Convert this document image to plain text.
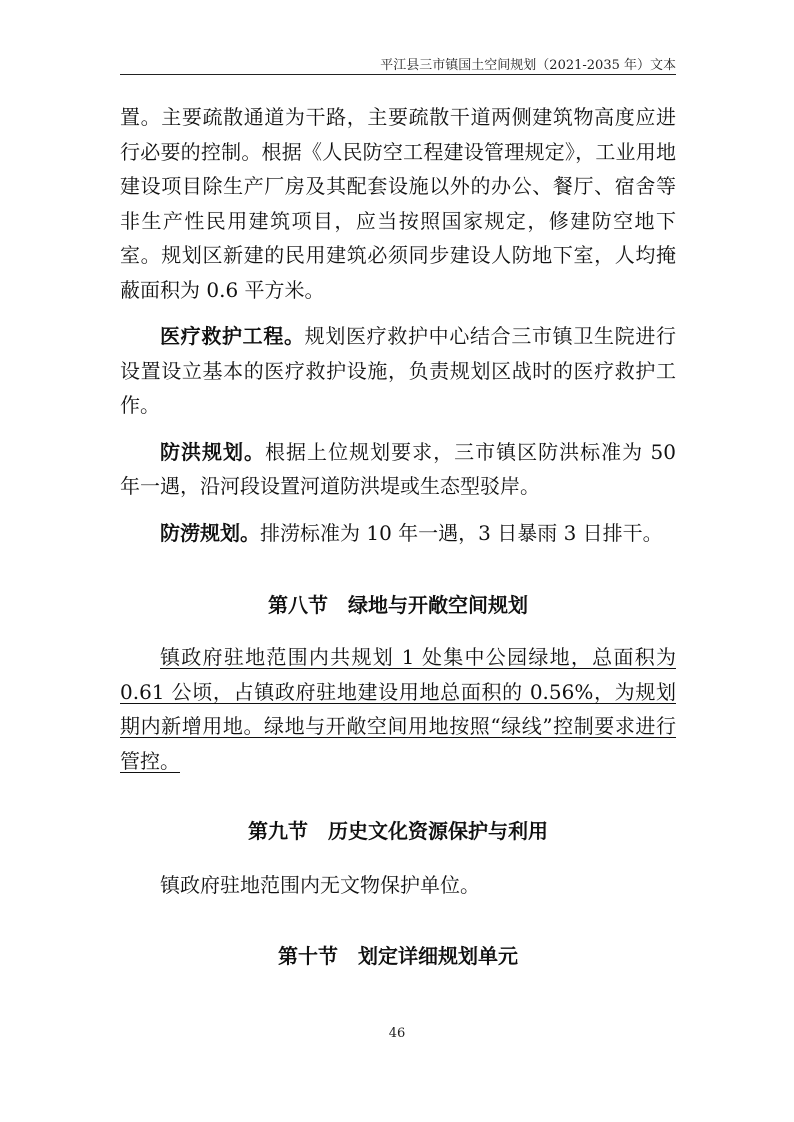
平江县三市镇国土空间规划（2021-2035 年）文本

置。主要疏散通道为干路，主要疏散干道两侧建筑物高度应进行必要的控制。根据《人民防空工程建设管理规定》，工业用地建设项目除生产厂房及其配套设施以外的办公、餐厅、宿舍等非生产性民用建筑项目，应当按照国家规定，修建防空地下室。规划区新建的民用建筑必须同步建设人防地下室，人均掩蔽面积为 0.6 平方米。

医疗救护工程。规划医疗救护中心结合三市镇卫生院进行设置设立基本的医疗救护设施，负责规划区战时的医疗救护工作。

防洪规划。根据上位规划要求，三市镇区防洪标准为 50 年一遇，沿河段设置河道防洪堤或生态型驳岸。

防涝规划。排涝标准为 10 年一遇，3 日暴雨 3 日排干。

第八节　绿地与开敞空间规划

镇政府驻地范围内共规划 1 处集中公园绿地，总面积为 0.61 公顷，占镇政府驻地建设用地总面积的 0.56%，为规划期内新增用地。绿地与开敞空间用地按照“绿线”控制要求进行管控。

第九节　历史文化资源保护与利用

镇政府驻地范围内无文物保护单位。

第十节　划定详细规划单元
46
